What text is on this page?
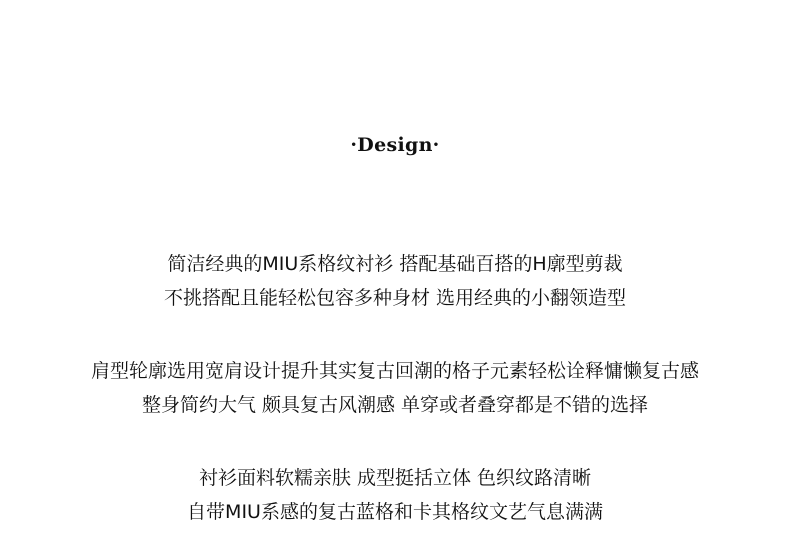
·Design·
简洁经典的MIU系格纹衬衫 搭配基础百搭的H廓型剪裁
不挑搭配且能轻松包容多种身材 选用经典的小翻领造型
肩型轮廓选用宽肩设计提升其实复古回潮的格子元素轻松诠释慵懒复古感
整身简约大气 颇具复古风潮感 单穿或者叠穿都是不错的选择
衬衫面料软糯亲肤 成型挺括立体 色织纹路清晰
自带MIU系感的复古蓝格和卡其格纹文艺气息满满
